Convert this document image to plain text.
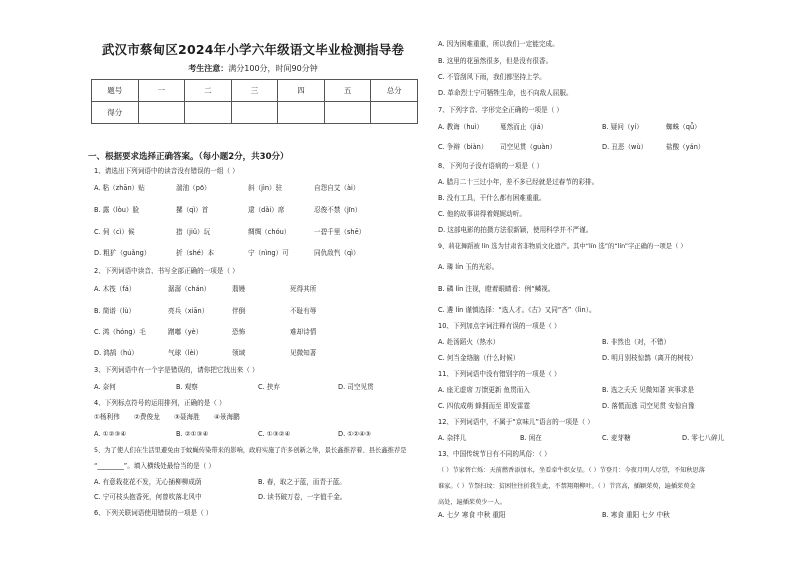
武汉市蔡甸区2024年小学六年级语文毕业检测指导卷
考生注意：满分100分，时间90分钟
题号	一	二	三	四	五	总分
得分						
一、根据要求选择正确答案。（每小题2分，共30分）
1、请选出下列词语中的读音没有错误的一组（ ）
A. 粘（zhān）贴	湍油（pō）	斜（jìn）驻	自怨自艾（ài）
B. 露（lòu）脸	摞（qì）首	逮（dǎi）席	忍俊不禁（jīn）
C. 伺（cì）候	措（jiǔ）玩	绸绸（chóu）	一碧千里（shē）
D. 粗犷（guǎng）	折（shé）本	宁（nìng）可	同仇敌忾（qì）
2、下列词语中读音、书写全部正确的一项是（ ）
A. 木筏（fá）	潺潺（chán）	翡嫚	死得其所
B. 简谱（lù）	亮兵（xiān）	伴倒	不耻有辱
C. 鸿（hóng）毛	蹭嘟（yè）	恐怖	难却诗情
D. 鸿鹄（hú）	气球（lèi）	领域	见微知著
3、下列词语中有一个字是错误的，请你把它找出来（ ）
A. 奈何	B. 观察	C. 挟弃	D. 司空见贯
4、下列标点符号的运用排列，正确的是（ ）
①杨利伟 ②费俊龙 ③聂海胜 ④景海鹏
A. ①②③④	B. ②①③④	C. ①③②④	D. ①②④③
5、为了使人们在生活里避免由于蚊蝇传染带来的影响，政府实施了许多创新之举，景长鑫推荐着、县长鑫推荐是
“________”。填入横线处最恰当的是（ ）
A. 有意栽花花不发，无心插柳柳成荫	B. 春，取之于蓝，而青于蓝。
C. 宁可枝头抱香死，何曾吹落北风中	D. 读书破万卷，一字值千金。
6、下列关联词语使用错误的一项是（ ）
A. 因为困难重重，所以我们一定能完成。
B. 这里的花虽然很多，但是没有很香。
C. 不管刮风下雨，我们都坚持上学。
D. 革命烈士宁可牺牲生命，也不向敌人屈服。
7、下列字音、字形完全正确的一项是（ ）
A. 教诲（huì）	戛然而止（jiá）	B. 疑问（yí）	蜘蛛（qǖ）
C. 争辩（biàn） 司空见贯（guàn）	D. 丑恶（wù）	盐酸（yán）
8、下列句子没有语病的一项是（ ）
A. 腊月二十三过小年，差不多已经就是过春节的彩排。
B. 没有工具，干什么都有困难重重。
C. 他的故事讲得着娓娓动听。
D. 这部电影的拍摄方法很新颖，使用科学并不严谨。
9、莉花舞蹈被 lín 选为甘肃省非物质文化遗产。其中“lín 选”的“lín”字正确的一项是（ ）
A. 璘 lín 玉的光彩。
B. 磷 lín 注视，瞪着眼睛看：例“鳞视。
C. 遴 lín 谨慎选择：“选人才。《古》又同“吝”（lìn）。
10、下列加点字词注释有误的一项是（ ）
A. 赴汤蹈火（热水）	B. 非然也（对，不错）
C. 何当金络脑（什么时候）	D. 明月别枝惊鹊（离开的树枝）
11、下列词语中没有错别字的一项是（ ）
A. 座无虚席 万馈更新 鱼贯而入	B. 选之夭夭 见微知著 宾事求是
C. 四依成萌 蜂拥而至 即发雷霆	D. 落慌而逃 司空见贯 安惊自豫
12、下列词语中，不属于“京味儿”语言的一项是（ ）
A. 杂拌儿	B. 闲在	C. 麦芽糖	D. 零七八碎儿
13、中国传统节日有不同的风俗：（ ）
（ ）节家替亡烁：天前燃香添加水，坐看牵牛织女星。（ ）节登月：今夜月明人尽望，不知秋思落
谁家。（ ）节祭扫坟：贫困往往折我生此，不禁翔翔柳叶。（ ）节宫高，插颖茱萸，遍插茱萸金
高处，遍插茱萸少一人。
A. 七夕 寒食 中秋 重阳	B. 寒食 重阳 七夕 中秋
